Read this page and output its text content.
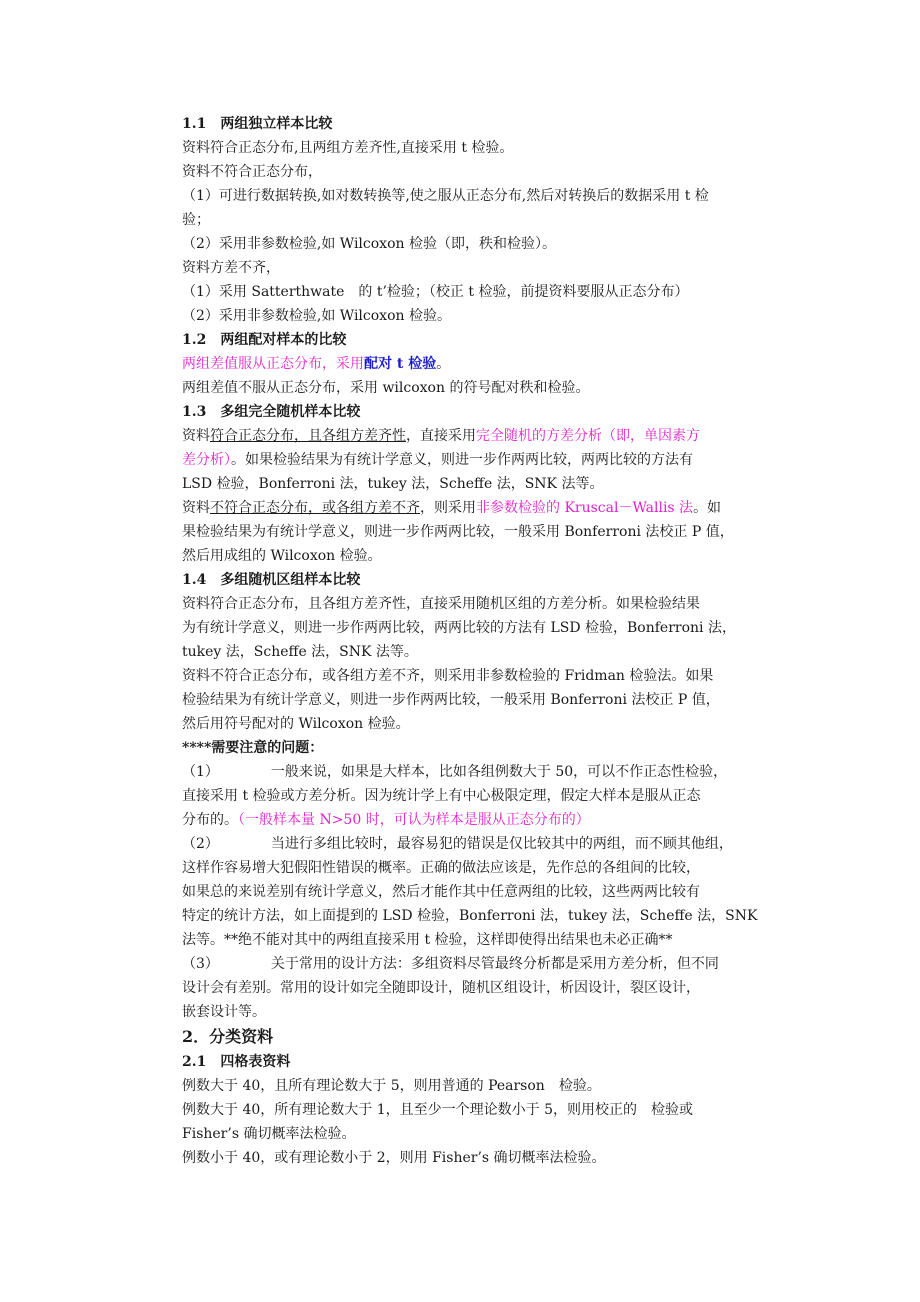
1.1　两组独立样本比较
资料符合正态分布,且两组方差齐性,直接采用 t 检验。
资料不符合正态分布，
（1）可进行数据转换,如对数转换等,使之服从正态分布,然后对转换后的数据采用 t 检
验；
（2）采用非参数检验,如 Wilcoxon 检验（即，秩和检验）。
资料方差不齐，
（1）采用 Satterthwate　的 t’检验；（校正 t 检验，前提资料要服从正态分布）
（2）采用非参数检验,如 Wilcoxon 检验。
1.2　两组配对样本的比较
两组差值服从正态分布，采用配对 t 检验。
两组差值不服从正态分布，采用 wilcoxon 的符号配对秩和检验。
1.3　多组完全随机样本比较
资料符合正态分布，且各组方差齐性，直接采用完全随机的方差分析（即，单因素方
差分析）。如果检验结果为有统计学意义，则进一步作两两比较，两两比较的方法有
LSD 检验，Bonferroni 法，tukey 法，Scheffe 法，SNK 法等。
资料不符合正态分布，或各组方差不齐，则采用非参数检验的 Kruscal－Wallis 法。如
果检验结果为有统计学意义，则进一步作两两比较，一般采用 Bonferroni 法校正 P 值，
然后用成组的 Wilcoxon 检验。
1.4　多组随机区组样本比较
资料符合正态分布，且各组方差齐性，直接采用随机区组的方差分析。如果检验结果
为有统计学意义，则进一步作两两比较，两两比较的方法有 LSD 检验，Bonferroni 法，
tukey 法，Scheffe 法，SNK 法等。
资料不符合正态分布，或各组方差不齐，则采用非参数检验的 Fridman 检验法。如果
检验结果为有统计学意义，则进一步作两两比较，一般采用 Bonferroni 法校正 P 值，
然后用符号配对的 Wilcoxon 检验。
****需要注意的问题：
（1）	一般来说，如果是大样本，比如各组例数大于 50，可以不作正态性检验，
直接采用 t 检验或方差分析。因为统计学上有中心极限定理，假定大样本是服从正态
分布的。（一般样本量 N>50 时，可认为样本是服从正态分布的）
（2）	当进行多组比较时，最容易犯的错误是仅比较其中的两组，而不顾其他组，
这样作容易增大犯假阳性错误的概率。正确的做法应该是，先作总的各组间的比较，
如果总的来说差别有统计学意义，然后才能作其中任意两组的比较，这些两两比较有
特定的统计方法，如上面提到的 LSD 检验，Bonferroni 法，tukey 法，Scheffe 法，SNK
法等。**绝不能对其中的两组直接采用 t 检验，这样即使得出结果也未必正确**
（3）	关于常用的设计方法：多组资料尽管最终分析都是采用方差分析，但不同
设计会有差别。常用的设计如完全随即设计，随机区组设计，析因设计，裂区设计，
嵌套设计等。
2．分类资料
2.1　四格表资料
例数大于 40，且所有理论数大于 5，则用普通的 Pearson　检验。
例数大于 40，所有理论数大于 1，且至少一个理论数小于 5，则用校正的　检验或
Fisher’s 确切概率法检验。
例数小于 40，或有理论数小于 2，则用 Fisher’s 确切概率法检验。
